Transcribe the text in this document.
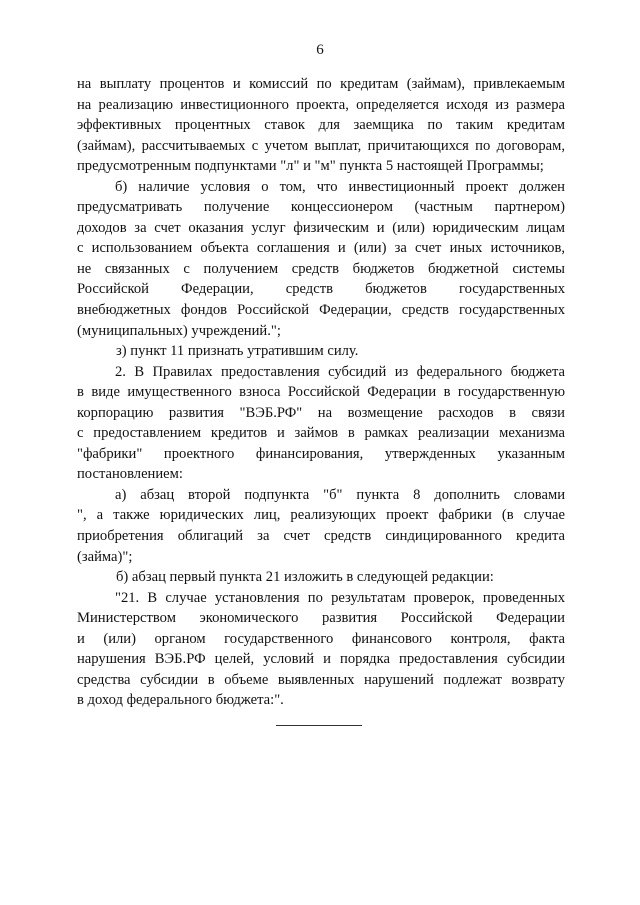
6
на выплату процентов и комиссий по кредитам (займам), привлекаемым
на реализацию инвестиционного проекта, определяется исходя из размера
эффективных процентных ставок для заемщика по таким кредитам
(займам), рассчитываемых с учетом выплат, причитающихся по договорам,
предусмотренным подпунктами "л" и "м" пункта 5 настоящей Программы;
б) наличие условия о том, что инвестиционный проект должен
предусматривать получение концессионером (частным партнером)
доходов за счет оказания услуг физическим и (или) юридическим лицам
с использованием объекта соглашения и (или) за счет иных источников,
не связанных с получением средств бюджетов бюджетной системы
Российской Федерации, средств бюджетов государственных
внебюджетных фондов Российской Федерации, средств государственных
(муниципальных) учреждений.";
з) пункт 11 признать утратившим силу.
2. В Правилах предоставления субсидий из федерального бюджета
в виде имущественного взноса Российской Федерации в государственную
корпорацию развития "ВЭБ.РФ" на возмещение расходов в связи
с предоставлением кредитов и займов в рамках реализации механизма
"фабрики" проектного финансирования, утвержденных указанным
постановлением:
а) абзац второй подпункта "б" пункта 8 дополнить словами
", а также юридических лиц, реализующих проект фабрики (в случае
приобретения облигаций за счет средств синдицированного кредита
(займа)";
б) абзац первый пункта 21 изложить в следующей редакции:
"21. В случае установления по результатам проверок, проведенных
Министерством экономического развития Российской Федерации
и (или) органом государственного финансового контроля, факта
нарушения ВЭБ.РФ целей, условий и порядка предоставления субсидии
средства субсидии в объеме выявленных нарушений подлежат возврату
в доход федерального бюджета:".
